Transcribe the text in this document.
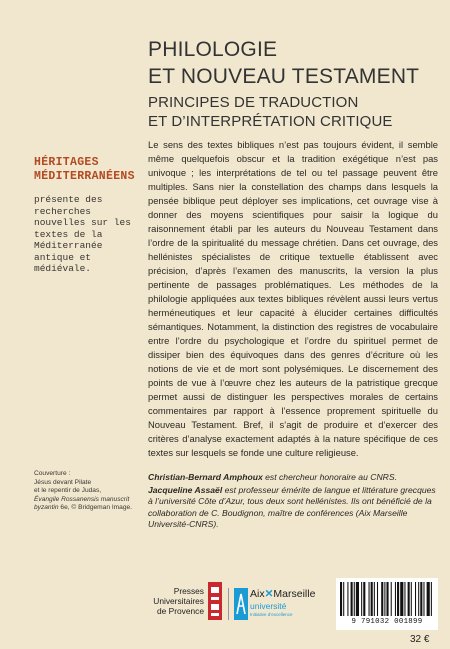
PHILOLOGIE
ET NOUVEAU TESTAMENT
PRINCIPES DE TRADUCTION
ET D’INTERPRÉTATION CRITIQUE
HÉRITAGES
MÉDITERRANÉENS
présente des recherches nouvelles sur les textes de la Méditerranée antique et médiévale.
Le sens des textes bibliques n’est pas toujours évident, il semble même quelquefois obscur et la tradition exégétique n’est pas univoque ; les interprétations de tel ou tel passage peuvent être multiples. Sans nier la constellation des champs dans lesquels la pensée biblique peut déployer ses implications, cet ouvrage vise à donner des moyens scientifiques pour saisir la logique du raisonnement établi par les auteurs du Nouveau Testament dans l’ordre de la spiritualité du message chrétien. Dans cet ouvrage, des hellénistes spécialistes de critique textuelle établissent avec précision, d’après l’examen des manuscrits, la version la plus pertinente de passages problématiques. Les méthodes de la philologie appliquées aux textes bibliques révèlent aussi leurs vertus herméneutiques et leur capacité à élucider certaines difficultés sémantiques. Notamment, la distinction des registres de vocabulaire entre l’ordre du psychologique et l’ordre du spirituel permet de dissiper bien des équivoques dans des genres d’écriture où les notions de vie et de mort sont polysémiques. Le discernement des points de vue à l’œuvre chez les auteurs de la patristique grecque permet aussi de distinguer les perspectives morales de certains commentaires par rapport à l’essence proprement spirituelle du Nouveau Testament. Bref, il s’agit de produire et d’exercer des critères d’analyse exactement adaptés à la nature spécifique de ces textes sur lesquels se fonde une culture religieuse.
Couverture :
Jésus devant Pilate
et le repentir de Judas,
Évangile Rossanensis manuscrit byzantin 6e, © Bridgeman Image.

Christian-Bernard Amphoux est chercheur honoraire au CNRS.

Jacqueline Assaël est professeur émérite de langue et littérature grecques à l’université Côte d’Azur, tous deux sont hellénistes. Ils ont bénéficié de la collaboration de C. Boudignon, maître de conférences (Aix Marseille Université-CNRS).

Presses
Universitaires
de Provence
Aix✕Marseille
université
Initiative d’excellence
9 791032 001899
32 €
